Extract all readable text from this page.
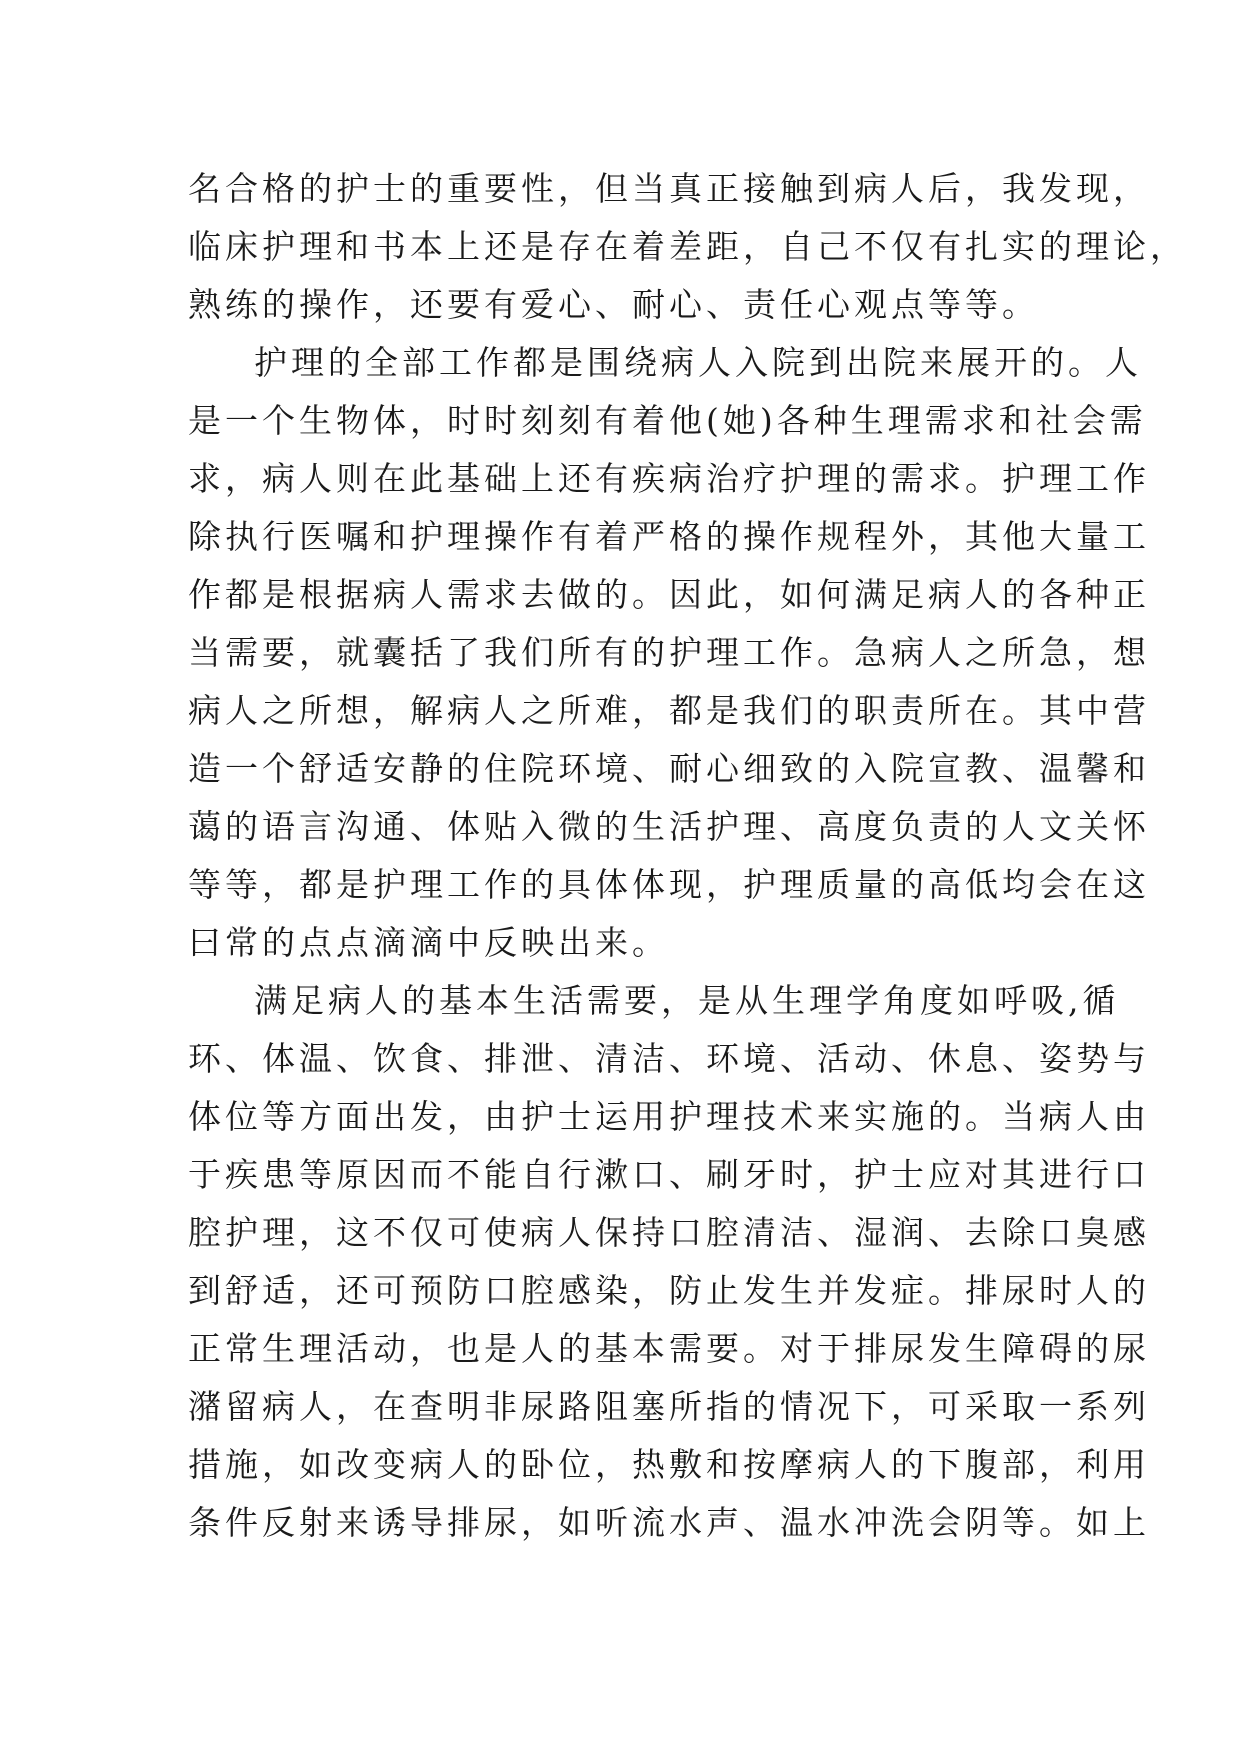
名合格的护士的重要性，但当真正接触到病人后，我发现，
临床护理和书本上还是存在着差距，自己不仅有扎实的理论，
熟练的操作，还要有爱心、耐心、责任心观点等等。
护理的全部工作都是围绕病人入院到出院来展开的。人
是一个生物体，时时刻刻有着他(她)各种生理需求和社会需
求，病人则在此基础上还有疾病治疗护理的需求。护理工作
除执行医嘱和护理操作有着严格的操作规程外，其他大量工
作都是根据病人需求去做的。因此，如何满足病人的各种正
当需要，就囊括了我们所有的护理工作。急病人之所急，想
病人之所想，解病人之所难，都是我们的职责所在。其中营
造一个舒适安静的住院环境、耐心细致的入院宣教、温馨和
蔼的语言沟通、体贴入微的生活护理、高度负责的人文关怀
等等，都是护理工作的具体体现，护理质量的高低均会在这
曰常的点点滴滴中反映出来。
满足病人的基本生活需要，是从生理学角度如呼吸,循
环、体温、饮食、排泄、清洁、环境、活动、休息、姿势与
体位等方面出发，由护士运用护理技术来实施的。当病人由
于疾患等原因而不能自行漱口、刷牙时，护士应对其进行口
腔护理，这不仅可使病人保持口腔清洁、湿润、去除口臭感
到舒适，还可预防口腔感染，防止发生并发症。排尿时人的
正常生理活动，也是人的基本需要。对于排尿发生障碍的尿
潴留病人，在查明非尿路阻塞所指的情况下，可采取一系列
措施，如改变病人的卧位，热敷和按摩病人的下腹部，利用
条件反射来诱导排尿，如听流水声、温水冲洗会阴等。如上
